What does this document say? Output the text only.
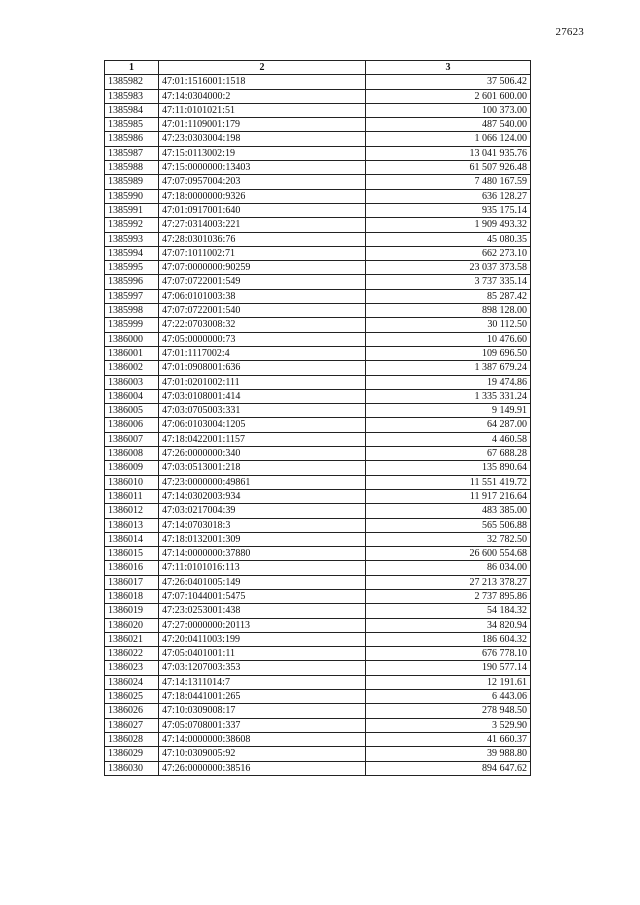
27623
1	2	3
1385982	47:01:1516001:1518	37 506.42
1385983	47:14:0304000:2	2 601 600.00
1385984	47:11:0101021:51	100 373.00
1385985	47:01:1109001:179	487 540.00
1385986	47:23:0303004:198	1 066 124.00
1385987	47:15:0113002:19	13 041 935.76
1385988	47:15:0000000:13403	61 507 926.48
1385989	47:07:0957004:203	7 480 167.59
1385990	47:18:0000000:9326	636 128.27
1385991	47:01:0917001:640	935 175.14
1385992	47:27:0314003:221	1 909 493.32
1385993	47:28:0301036:76	45 080.35
1385994	47:07:1011002:71	662 273.10
1385995	47:07:0000000:90259	23 037 373.58
1385996	47:07:0722001:549	3 737 335.14
1385997	47:06:0101003:38	85 287.42
1385998	47:07:0722001:540	898 128.00
1385999	47:22:0703008:32	30 112.50
1386000	47:05:0000000:73	10 476.60
1386001	47:01:1117002:4	109 696.50
1386002	47:01:0908001:636	1 387 679.24
1386003	47:01:0201002:111	19 474.86
1386004	47:03:0108001:414	1 335 331.24
1386005	47:03:0705003:331	9 149.91
1386006	47:06:0103004:1205	64 287.00
1386007	47:18:0422001:1157	4 460.58
1386008	47:26:0000000:340	67 688.28
1386009	47:03:0513001:218	135 890.64
1386010	47:23:0000000:49861	11 551 419.72
1386011	47:14:0302003:934	11 917 216.64
1386012	47:03:0217004:39	483 385.00
1386013	47:14:0703018:3	565 506.88
1386014	47:18:0132001:309	32 782.50
1386015	47:14:0000000:37880	26 600 554.68
1386016	47:11:0101016:113	86 034.00
1386017	47:26:0401005:149	27 213 378.27
1386018	47:07:1044001:5475	2 737 895.86
1386019	47:23:0253001:438	54 184.32
1386020	47:27:0000000:20113	34 820.94
1386021	47:20:0411003:199	186 604.32
1386022	47:05:0401001:11	676 778.10
1386023	47:03:1207003:353	190 577.14
1386024	47:14:1311014:7	12 191.61
1386025	47:18:0441001:265	6 443.06
1386026	47:10:0309008:17	278 948.50
1386027	47:05:0708001:337	3 529.90
1386028	47:14:0000000:38608	41 660.37
1386029	47:10:0309005:92	39 988.80
1386030	47:26:0000000:38516	894 647.62
